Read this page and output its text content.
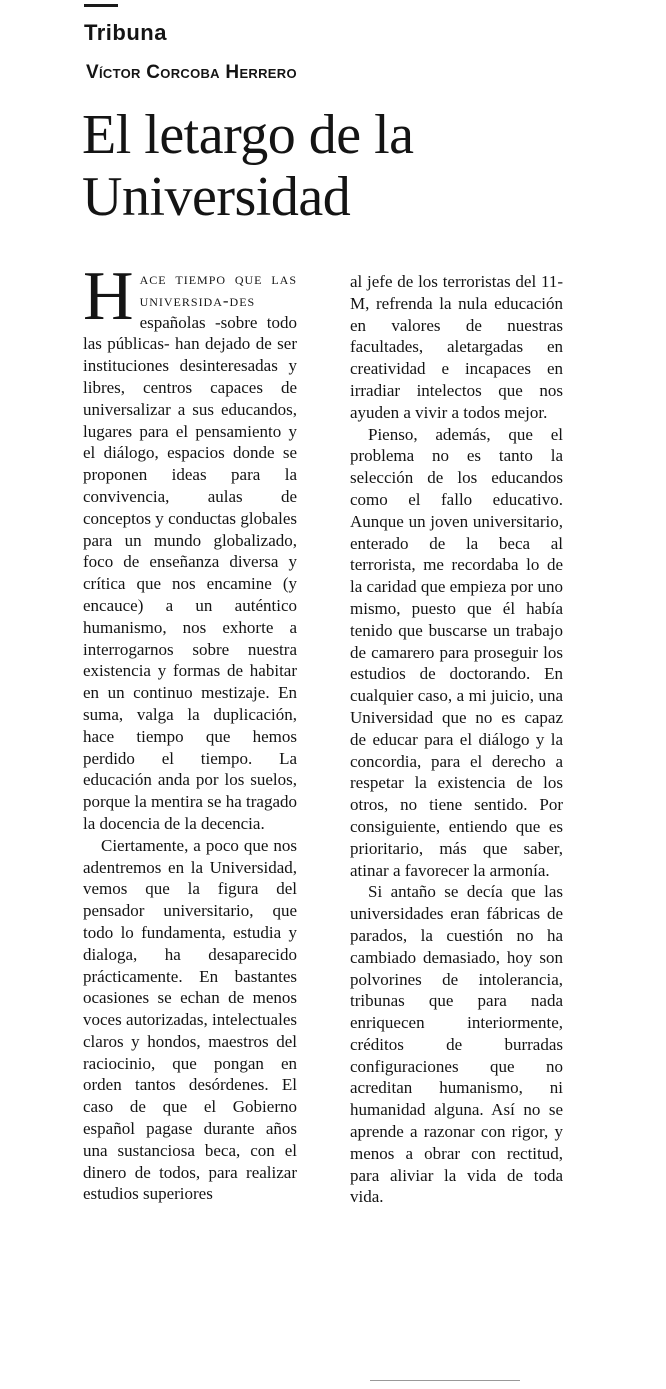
Tribuna
Víctor Corcoba Herrero
El letargo de la Universidad

H ace tiempo que las universida-des españolas -sobre todo las públicas- han dejado de ser instituciones desinteresadas y libres, centros capaces de universalizar a sus educandos, lugares para el pensamiento y el diálogo, espacios donde se proponen ideas para la convivencia, aulas de conceptos y conductas globales para un mundo globalizado, foco de enseñanza diversa y crítica que nos encamine (y encauce) a un auténtico humanismo, nos exhorte a interrogarnos sobre nuestra existencia y formas de habitar en un continuo mestizaje. En suma, valga la duplicación, hace tiempo que hemos perdido el tiempo. La educación anda por los suelos, porque la mentira se ha tragado la docencia de la decencia.

Ciertamente, a poco que nos adentremos en la Universidad, vemos que la figura del pensador universitario, que todo lo fundamenta, estudia y dialoga, ha desaparecido prácticamente. En bastantes ocasiones se echan de menos voces autorizadas, intelectuales claros y hondos, maestros del raciocinio, que pongan en orden tantos desórdenes. El caso de que el Gobierno español pagase durante años una sustanciosa beca, con el dinero de todos, para realizar estudios superiores

al jefe de los terroristas del 11-M, refrenda la nula educación en valores de nuestras facultades, aletargadas en creatividad e incapaces en irradiar intelectos que nos ayuden a vivir a todos mejor.

Pienso, además, que el problema no es tanto la selección de los educandos como el fallo educativo. Aunque un joven universitario, enterado de la beca al terrorista, me recordaba lo de la caridad que empieza por uno mismo, puesto que él había tenido que buscarse un trabajo de camarero para proseguir los estudios de doctorando. En cualquier caso, a mi juicio, una Universidad que no es capaz de educar para el diálogo y la concordia, para el derecho a respetar la existencia de los otros, no tiene sentido. Por consiguiente, entiendo que es prioritario, más que saber, atinar a favorecer la armonía.

Si antaño se decía que las universidades eran fábricas de parados, la cuestión no ha cambiado demasiado, hoy son polvorines de intolerancia, tribunas que para nada enriquecen interiormente, créditos de burradas configuraciones que no acreditan humanismo, ni humanidad alguna. Así no se aprende a razonar con rigor, y menos a obrar con rectitud, para aliviar la vida de toda vida.
